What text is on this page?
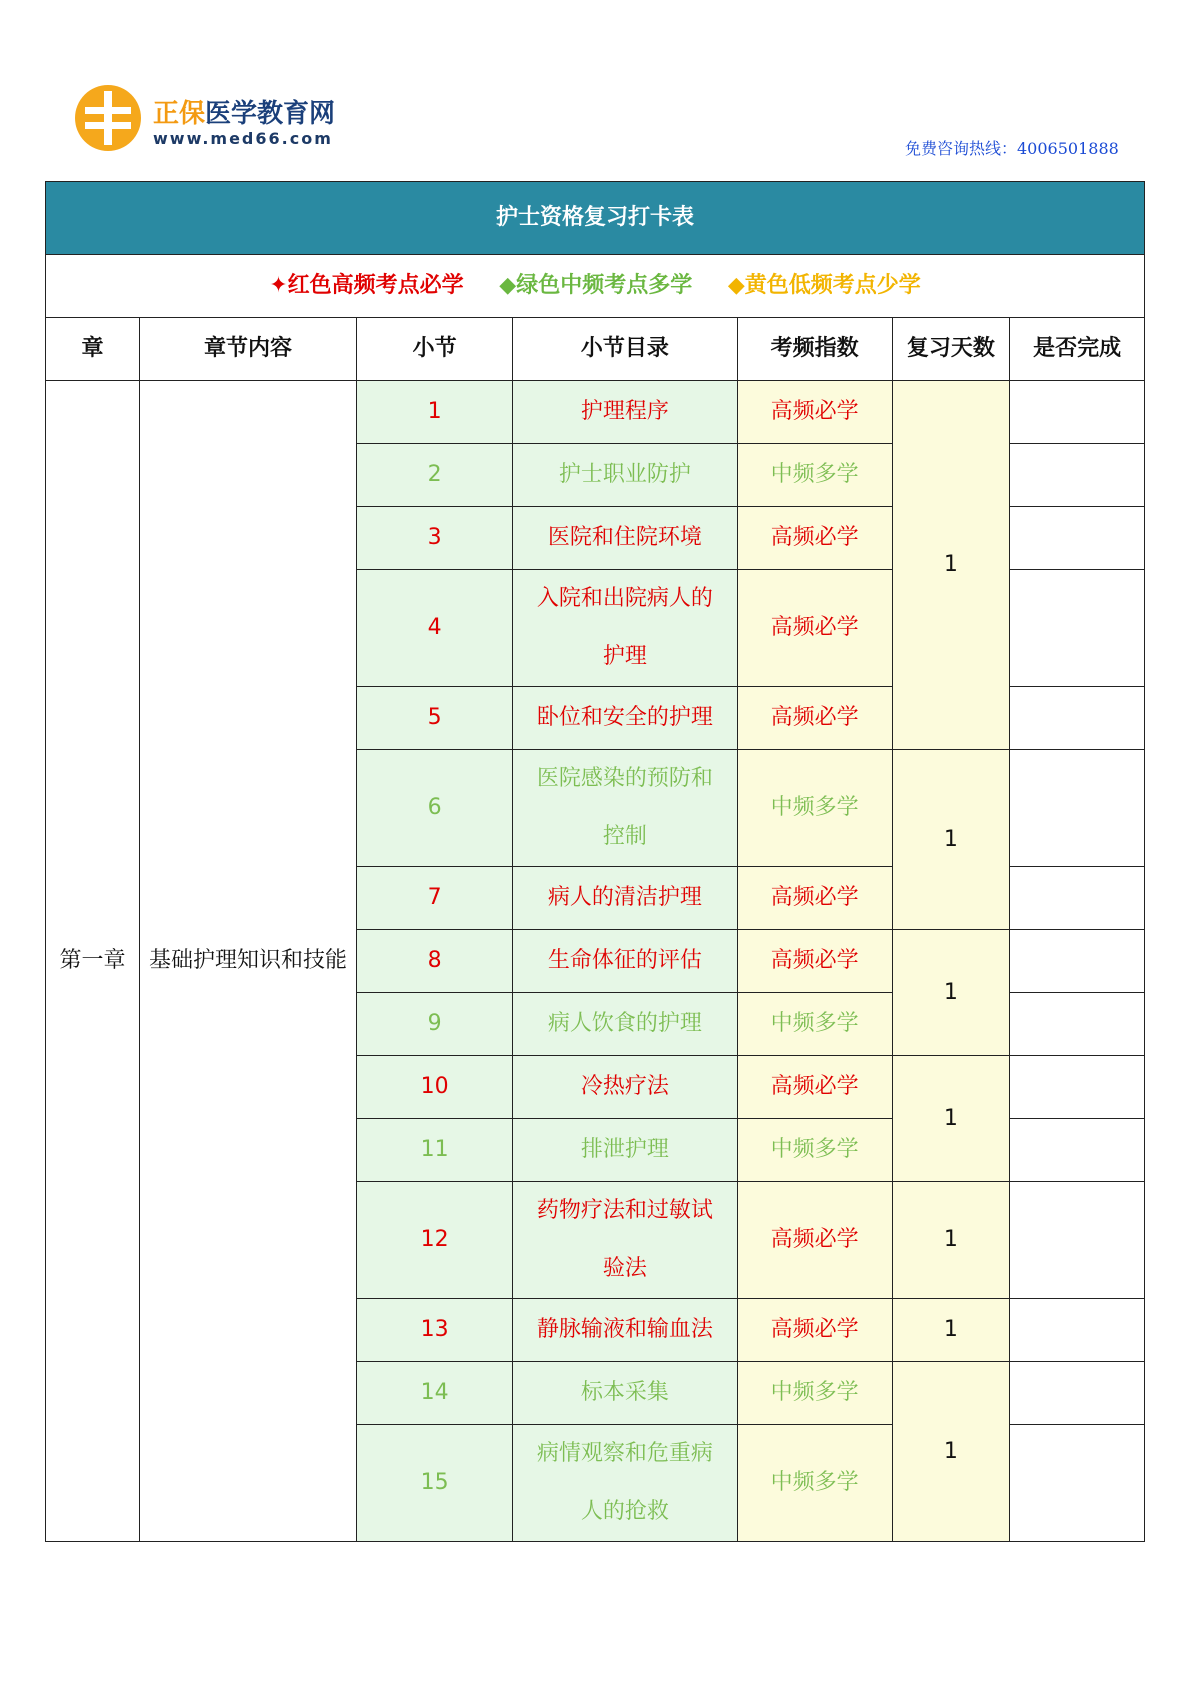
正保医学教育网
www.med66.com
免费咨询热线：4006501888
护士资格复习打卡表						
✦红色高频考点必学 ◆绿色中频考点多学 ◆黄色低频考点少学						
章	章节内容	小节	小节目录	考频指数	复习天数	是否完成
第一章	基础护理知识和技能	1	护理程序	高频必学	1	
		2	护士职业防护	中频多学		
		3	医院和住院环境	高频必学		
		4	入院和出院病人的护理	高频必学		
		5	卧位和安全的护理	高频必学		
		6	医院感染的预防和控制	中频多学	1	
		7	病人的清洁护理	高频必学		
		8	生命体征的评估	高频必学	1	
		9	病人饮食的护理	中频多学		
		10	冷热疗法	高频必学	1	
		11	排泄护理	中频多学		
		12	药物疗法和过敏试验法	高频必学	1	
		13	静脉输液和输血法	高频必学	1	
		14	标本采集	中频多学	1	
		15	病情观察和危重病人的抢救	中频多学		
